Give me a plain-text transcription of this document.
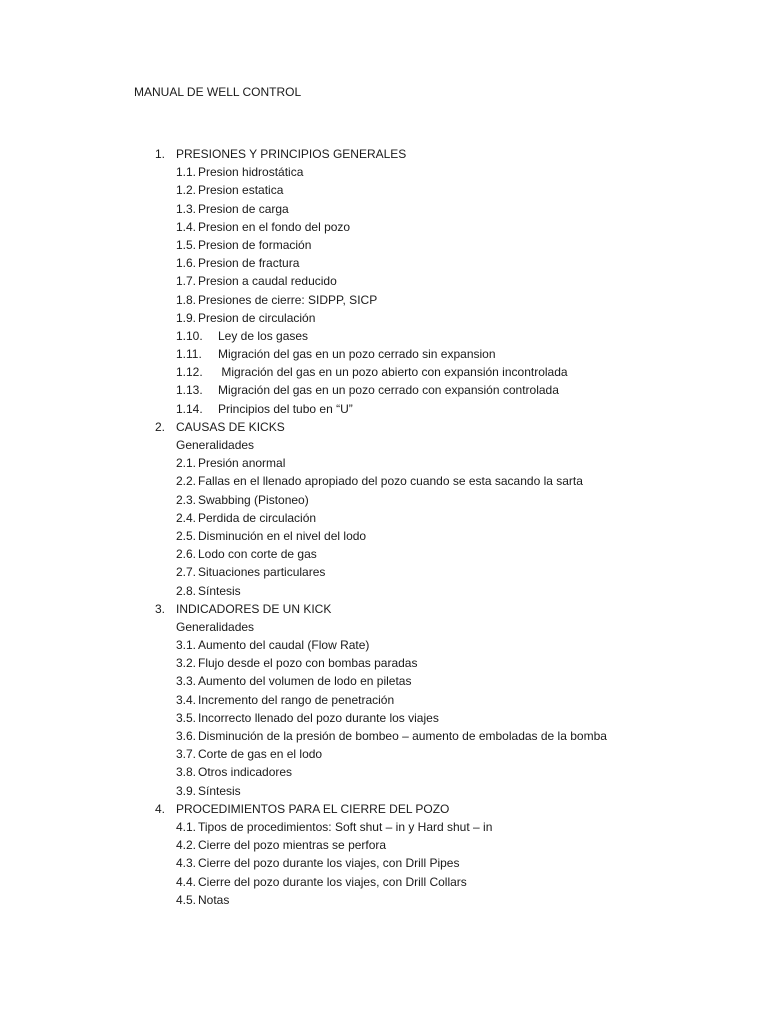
MANUAL DE WELL CONTROL
1. PRESIONES Y PRINCIPIOS GENERALES
1.1. Presion hidrostática
1.2. Presion estatica
1.3. Presion de carga
1.4. Presion en el fondo del pozo
1.5. Presion de formación
1.6. Presion de fractura
1.7. Presion a caudal reducido
1.8. Presiones de cierre: SIDPP, SICP
1.9. Presion de circulación
1.10. Ley de los gases
1.11. Migración del gas en un pozo cerrado sin expansion
1.12. Migración del gas en un pozo abierto con expansión incontrolada
1.13. Migración del gas en un pozo cerrado con expansión controlada
1.14. Principios del tubo en “U”
2. CAUSAS DE KICKS
Generalidades
2.1. Presión anormal
2.2. Fallas en el llenado apropiado del pozo cuando se esta sacando la sarta
2.3. Swabbing (Pistoneo)
2.4. Perdida de circulación
2.5. Disminución en el nivel del lodo
2.6. Lodo con corte de gas
2.7. Situaciones particulares
2.8. Síntesis
3. INDICADORES DE UN KICK
Generalidades
3.1. Aumento del caudal (Flow Rate)
3.2. Flujo desde el pozo con bombas paradas
3.3. Aumento del volumen de lodo en piletas
3.4. Incremento del rango de penetración
3.5. Incorrecto llenado del pozo durante los viajes
3.6. Disminución de la presión de bombeo – aumento de emboladas de la bomba
3.7. Corte de gas en el lodo
3.8. Otros indicadores
3.9. Síntesis
4. PROCEDIMIENTOS PARA EL CIERRE DEL POZO
4.1. Tipos de procedimientos: Soft shut – in y Hard shut – in
4.2. Cierre del pozo mientras se perfora
4.3. Cierre del pozo durante los viajes, con Drill Pipes
4.4. Cierre del pozo durante los viajes, con Drill Collars
4.5. Notas
